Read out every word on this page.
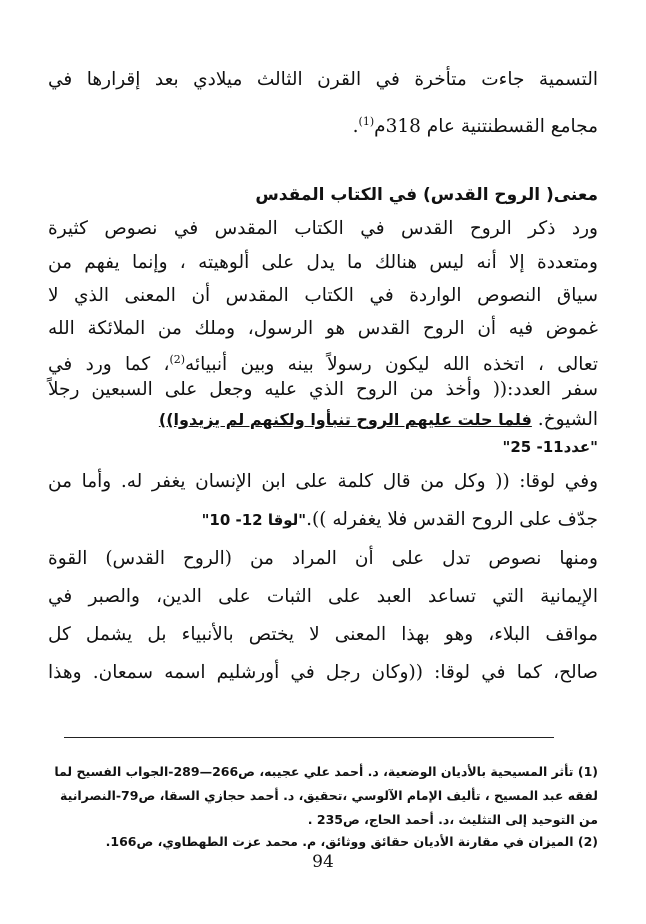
التسمية جاءت متأخرة في القرن الثالث ميلادي بعد إقرارها في
مجامع القسطنتنية عام 318م$^{(1)}$.
معنى( الروح القدس) في الكتاب المقدس
ورد ذكر الروح القدس في الكتاب المقدس في نصوص كثيرة
ومتعددة إلا أنه ليس هنالك ما يدل على ألوهيته ، وإنما يفهم من
سياق النصوص الواردة في الكتاب المقدس أن المعنى الذي لا
غموض فيه أن الروح القدس هو الرسول، وملك من الملائكة الله
تعالى ، اتخذه الله ليكون رسولاً بينه وبين أنبيائه$^{(2)}$، كما ورد في
سفر العدد:(( وأخذ من الروح الذي عليه وجعل على السبعين رجلاً
الشيوخ. فلما حلت عليهم الروح تنبأوا ولكنهم لم يزيدوا))
"عدد11- 25"
وفي لوقا: (( وكل من قال كلمة على ابن الإنسان يغفر له. وأما من
جدّف على الروح القدس فلا يغفرله ))."لوقا 12- 10"
ومنها نصوص تدل على أن المراد من (الروح القدس) القوة
الإيمانية التي تساعد العبد على الثبات على الدين، والصبر في
مواقف البلاء، وهو بهذا المعنى لا يختص بالأنبياء بل يشمل كل
صالح، كما في لوقا: ((وكان رجل في أورشليم اسمه سمعان. وهذا
(1) تأثر المسيحية بالأديان الوضعية، د. أحمد علي عجيبه، ص266—289-الجواب الفسيح لما
لفقه عبد المسيح ، تأليف الإمام الآلوسي ،تحقيق، د. أحمد حجازي السقا، ص79-النصرانية
من التوحيد إلى التثليث ،د. أحمد الحاج، ص235 .
(2) الميزان في مقارنة الأديان حقائق ووثائق، م. محمد عزت الطهطاوي، ص166.
94
